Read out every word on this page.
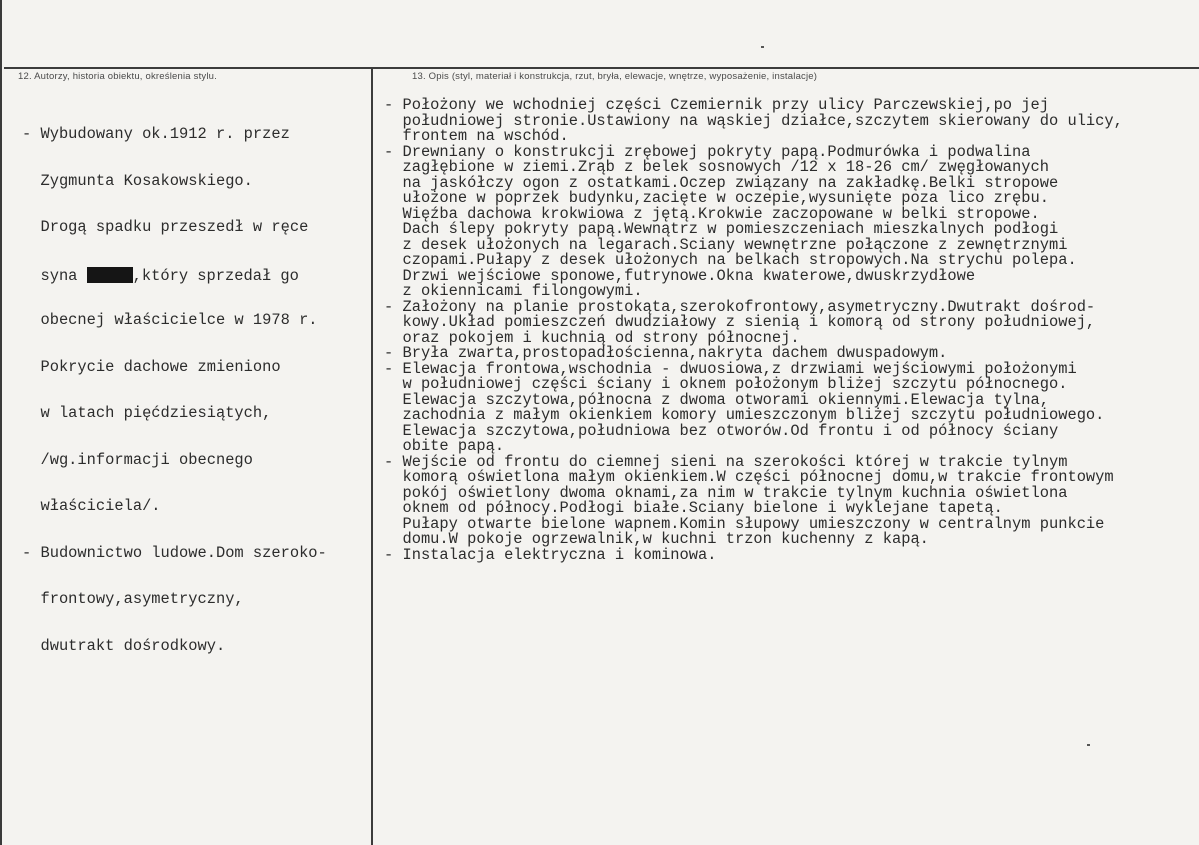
12. Autorzy, historia obiektu, określenia stylu.	13. Opis (styl, materiał i konstrukcja, rzut, bryła, elewacje, wnętrze, wyposażenie, instalacje)

- Wybudowany ok.1912 r. przez

Zygmunta Kosakowskiego.

Drogą spadku przeszedł w ręce

syna	,który sprzedał go

obecnej właścicielce w 1978 r.

Pokrycie dachowe zmieniono

w latach pięćdziesiątych,

/wg.informacji obecnego

właściciela/.

- Budownictwo ludowe.Dom szeroko-

frontowy,asymetryczny,

dwutrakt dośrodkowy.

- Położony we wchodniej części Czemiernik przy ulicy Parczewskiej,po jej
południowej stronie.Ustawiony na wąskiej działce,szczytem skierowany do ulicy,
frontem na wschód.
- Drewniany o konstrukcji zrębowej pokryty papą.Podmurówka i podwalina
zagłębione w ziemi.Zrąb z belek sosnowych /12 x 18-26 cm/ zwęgłowanych
na jaskółczy ogon z ostatkami.Oczep związany na zakładkę.Belki stropowe
ułożone w poprzek budynku,zacięte w oczepie,wysunięte poza lico zrębu.
Więźba dachowa krokwiowa z jętą.Krokwie zaczopowane w belki stropowe.
Dach ślepy pokryty papą.Wewnątrz w pomieszczeniach mieszkalnych podłogi
z desek ułożonych na legarach.Sciany wewnętrzne połączone z zewnętrznymi
czopami.Pułapy z desek ułożonych na belkach stropowych.Na strychu polepa.
Drzwi wejściowe sponowe,futrynowe.Okna kwaterowe,dwuskrzydłowe
z okiennicami filongowymi.
- Założony na planie prostokąta,szerokofrontowy,asymetryczny.Dwutrakt dośrod-
kowy.Układ pomieszczeń dwudziałowy z sienią i komorą od strony południowej,
oraz pokojem i kuchnią od strony północnej.
- Bryła zwarta,prostopadłościenna,nakryta dachem dwuspadowym.
- Elewacja frontowa,wschodnia - dwuosiowa,z drzwiami wejściowymi położonymi
w południowej części ściany i oknem położonym bliżej szczytu północnego.
Elewacja szczytowa,północna z dwoma otworami okiennymi.Elewacja tylna,
zachodnia z małym okienkiem komory umieszczonym bliżej szczytu południowego.
Elewacja szczytowa,południowa bez otworów.Od frontu i od północy ściany
obite papą.
- Wejście od frontu do ciemnej sieni na szerokości której w trakcie tylnym
komorą oświetlona małym okienkiem.W części północnej domu,w trakcie frontowym
pokój oświetlony dwoma oknami,za nim w trakcie tylnym kuchnia oświetlona
oknem od północy.Podłogi białe.Sciany bielone i wyklejane tapetą.
Pułapy otwarte bielone wapnem.Komin słupowy umieszczony w centralnym punkcie
domu.W pokoje ogrzewalnik,w kuchni trzon kuchenny z kapą.
- Instalacja elektryczna i kominowa.
